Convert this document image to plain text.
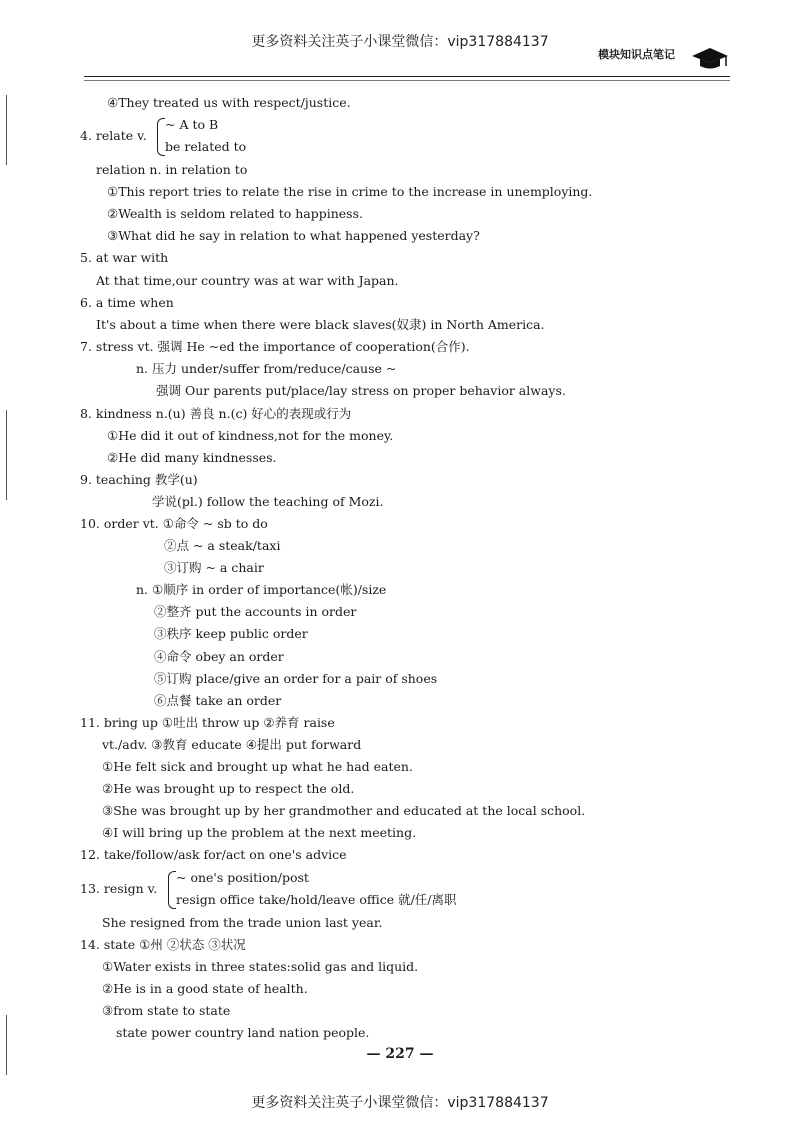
更多资料关注英子小课堂微信：vip317884137
模块知识点笔记
④They treated us with respect/justice.
4. relate v.
~ A to B
be related to
relation n. in relation to
①This report tries to relate the rise in crime to the increase in unemploying.
②Wealth is seldom related to happiness.
③What did he say in relation to what happened yesterday?
5. at war with
At that time,our country was at war with Japan.
6. a time when
It's about a time when there were black slaves(奴隶) in North America.
7. stress vt. 强调 He ~ed the importance of cooperation(合作).
n. 压力 under/suffer from/reduce/cause ~
强调 Our parents put/place/lay stress on proper behavior always.
8. kindness n.(u) 善良 n.(c) 好心的表现或行为
①He did it out of kindness,not for the money.
②He did many kindnesses.
9. teaching 教学(u)
学说(pl.) follow the teaching of Mozi.
10. order vt. ①命令 ~ sb to do
②点 ~ a steak/taxi
③订购 ~ a chair
n. ①顺序 in order of importance(帐)/size
②整齐 put the accounts in order
③秩序 keep public order
④命令 obey an order
⑤订购 place/give an order for a pair of shoes
⑥点餐 take an order
11. bring up ①吐出 throw up ②养育 raise
vt./adv. ③教育 educate ④提出 put forward
①He felt sick and brought up what he had eaten.
②He was brought up to respect the old.
③She was brought up by her grandmother and educated at the local school.
④I will bring up the problem at the next meeting.
12. take/follow/ask for/act on one's advice
13. resign v.
~ one's position/post
resign office take/hold/leave office 就/任/离职
She resigned from the trade union last year.
14. state ①州 ②状态 ③状况
①Water exists in three states:solid gas and liquid.
②He is in a good state of health.
③from state to state
state power country land nation people.
— 227 —
更多资料关注英子小课堂微信：vip317884137
